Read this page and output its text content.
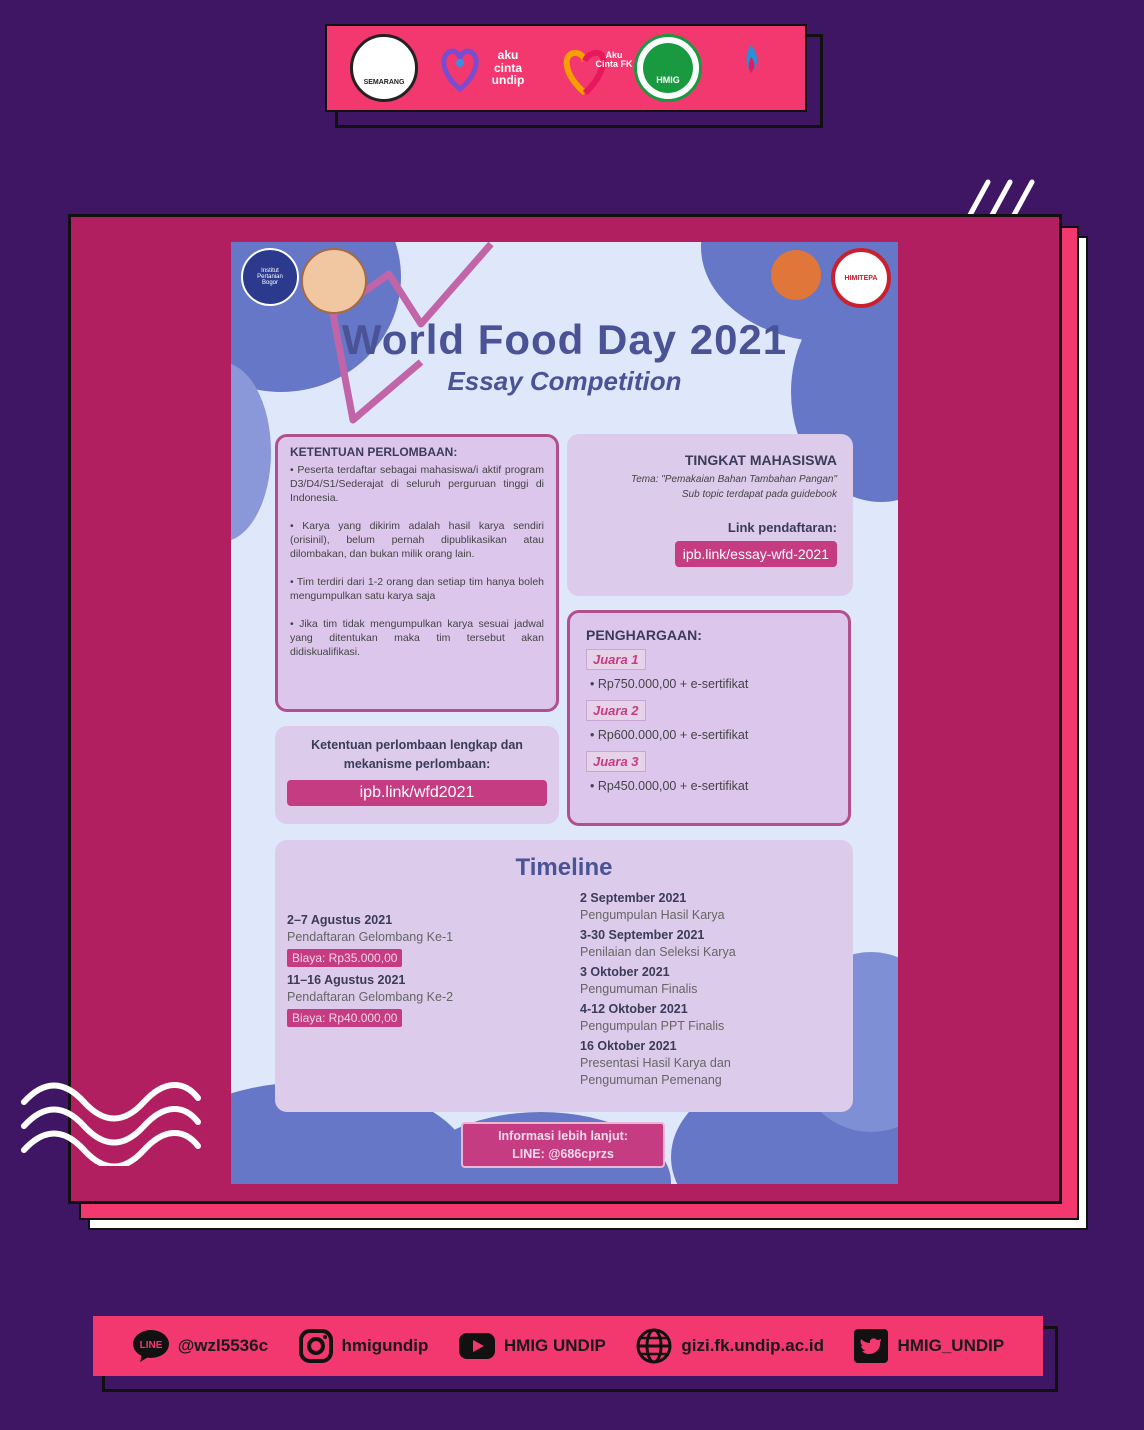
SEMARANG
aku cinta undip
Aku Cinta FK
HMIG
Institut Pertanian Bogor
HIMITEPA
World Food Day 2021
Essay Competition
KETENTUAN PERLOMBAAN:
• Peserta terdaftar sebagai mahasiswa/i aktif program D3/D4/S1/Sederajat di seluruh perguruan tinggi di Indonesia.
• Karya yang dikirim adalah hasil karya sendiri (orisinil), belum pernah dipublikasikan atau dilombakan, dan bukan milik orang lain.
• Tim terdiri dari 1-2 orang dan setiap tim hanya boleh mengumpulkan satu karya saja
• Jika tim tidak mengumpulkan karya sesuai jadwal yang ditentukan maka tim tersebut akan didiskualifikasi.
Ketentuan perlombaan lengkap dan mekanisme perlombaan:
ipb.link/wfd2021
TINGKAT MAHASISWA
Tema: "Pemakaian Bahan Tambahan Pangan"
Sub topic terdapat pada guidebook
Link pendaftaran:
ipb.link/essay-wfd-2021
PENGHARGAAN:
Juara 1
• Rp750.000,00 + e-sertifikat
Juara 2
• Rp600.000,00 + e-sertifikat
Juara 3
• Rp450.000,00 + e-sertifikat
Timeline
2–7 Agustus 2021
Pendaftaran Gelombang Ke-1
Biaya: Rp35.000,00
11–16 Agustus 2021
Pendaftaran Gelombang Ke-2
Biaya: Rp40.000,00
2 September 2021
Pengumpulan Hasil Karya
3-30 September 2021
Penilaian dan Seleksi Karya
3 Oktober 2021
Pengumuman Finalis
4-12 Oktober 2021
Pengumpulan PPT Finalis
16 Oktober 2021
Presentasi Hasil Karya dan Pengumuman Pemenang
Informasi lebih lanjut:
LINE: @686cprzs
LINE @wzl5536c	hmigundip	HMIG UNDIP	gizi.fk.undip.ac.id	HMIG_UNDIP
